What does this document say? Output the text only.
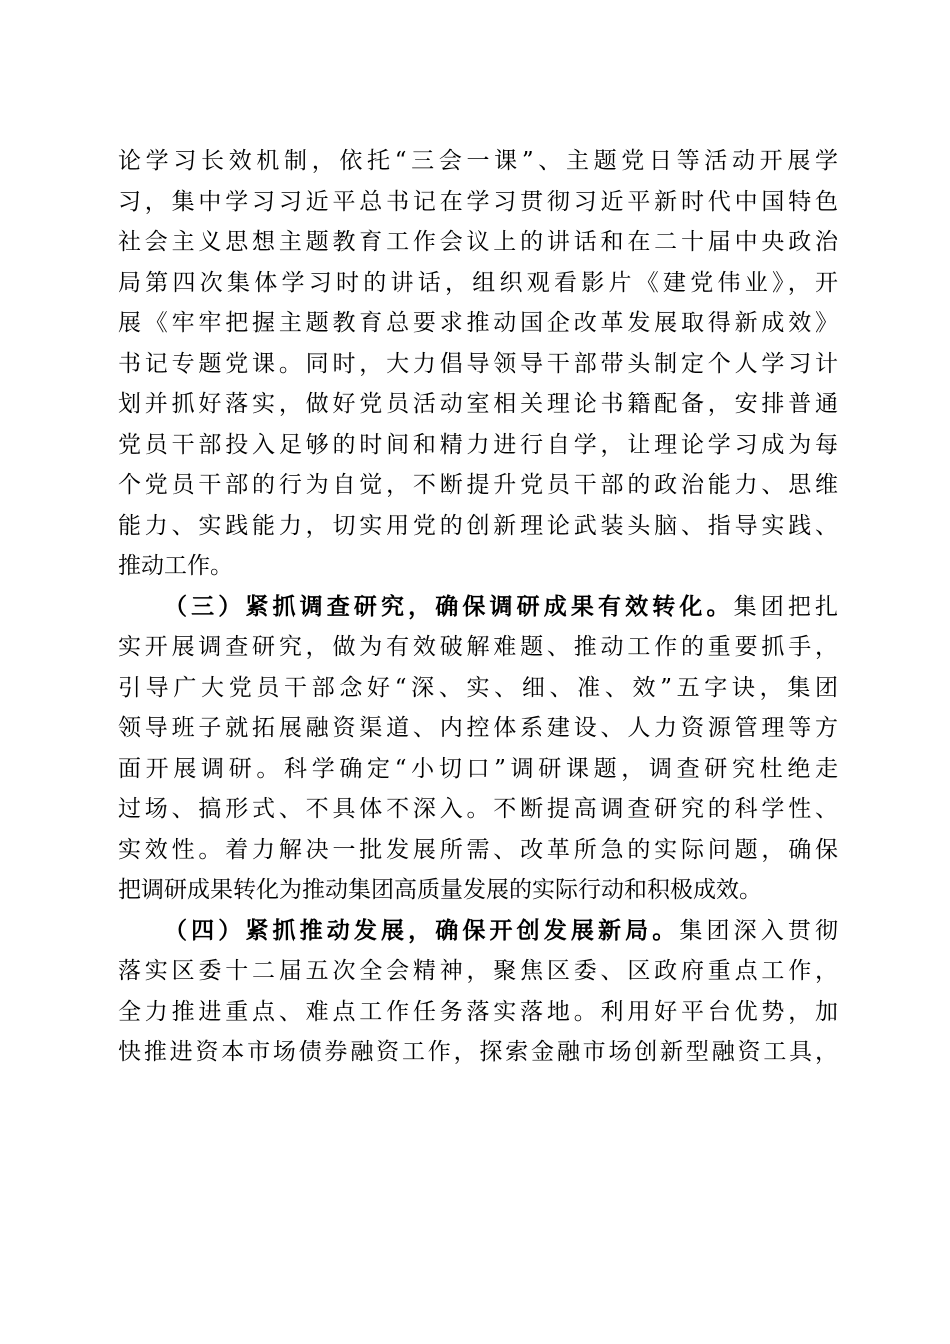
论学习长效机制，依托“三会一课”、主题党日等活动开展学
习，集中学习习近平总书记在学习贯彻习近平新时代中国特色
社会主义思想主题教育工作会议上的讲话和在二十届中央政治
局第四次集体学习时的讲话，组织观看影片《建党伟业》，开
展《牢牢把握主题教育总要求推动国企改革发展取得新成效》
书记专题党课。同时，大力倡导领导干部带头制定个人学习计
划并抓好落实，做好党员活动室相关理论书籍配备，安排普通
党员干部投入足够的时间和精力进行自学，让理论学习成为每
个党员干部的行为自觉，不断提升党员干部的政治能力、思维
能力、实践能力，切实用党的创新理论武装头脑、指导实践、
推动工作。
（三）紧抓调查研究，确保调研成果有效转化。集团把扎
实开展调查研究，做为有效破解难题、推动工作的重要抓手，
引导广大党员干部念好“深、实、细、准、效”五字诀，集团
领导班子就拓展融资渠道、内控体系建设、人力资源管理等方
面开展调研。科学确定“小切口”调研课题，调查研究杜绝走
过场、搞形式、不具体不深入。不断提高调查研究的科学性、
实效性。着力解决一批发展所需、改革所急的实际问题，确保
把调研成果转化为推动集团高质量发展的实际行动和积极成效。
（四）紧抓推动发展，确保开创发展新局。集团深入贯彻
落实区委十二届五次全会精神，聚焦区委、区政府重点工作，
全力推进重点、难点工作任务落实落地。利用好平台优势，加
快推进资本市场债券融资工作，探索金融市场创新型融资工具，
